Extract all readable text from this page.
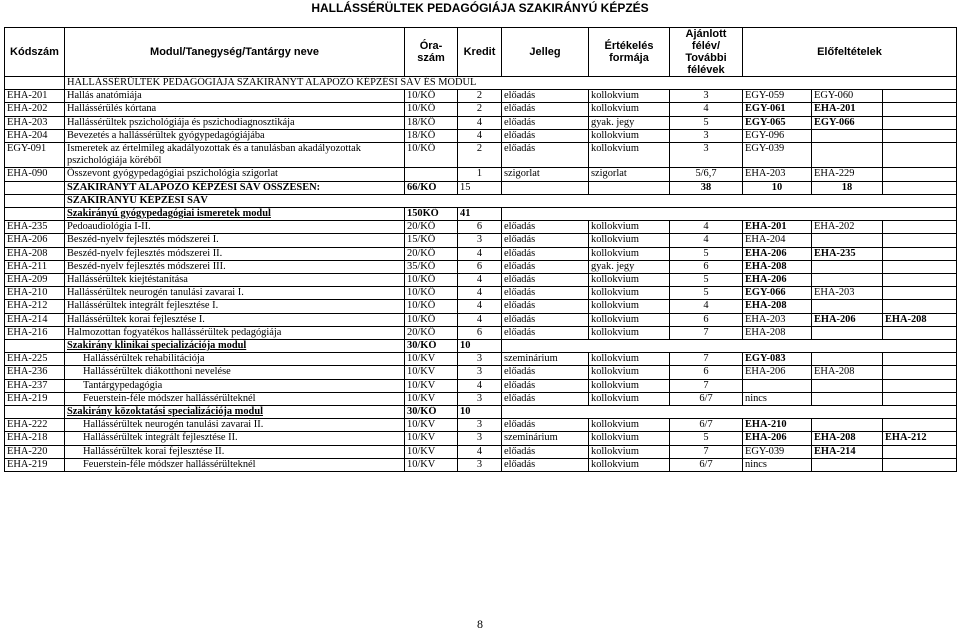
HALLÁSSÉRÜLTEK PEDAGÓGIÁJA SZAKIRÁNYÚ KÉPZÉS
Kódszám	Modul/Tanegység/Tantárgy neve	Óra-szám	Kredit	Jelleg	Értékelés formája	Ajánlott félév/ További félévek	Előfeltételek		
	HALLÁSSÉRÜLTEK PEDAGÓGIÁJA SZAKIRÁNYT ALAPOZÓ KÉPZÉSI SÁV ÉS MODUL								
EHA-201	Hallás anatómiája	10/KÖ	2	előadás	kollokvium	3	EGY-059	EGY-060	
EHA-202	Hallássérülés kórtana	10/KÖ	2	előadás	kollokvium	4	EGY-061	EHA-201	
EHA-203	Hallássérültek pszichológiája és pszichodiagnosztikája	18/KÖ	4	előadás	gyak. jegy	5	EGY-065	EGY-066	
EHA-204	Bevezetés a hallássérültek gyógypedagógiájába	18/KÖ	4	előadás	kollokvium	3	EGY-096		
EGY-091	Ismeretek az értelmileg akadályozottak és a tanulásban akadályozottak pszichológiája köréből	10/KÖ	2	előadás	kollokvium	3	EGY-039		
EHA-090	Összevont gyógypedagógiai pszichológia szigorlat		1	szigorlat	szigorlat	5/6,7	EHA-203	EHA-229	
	SZAKIRÁNYT ALAPOZÓ KÉPZÉSI SÁV ÖSSZESEN:	66/KÖ	15			38	10	18	
	SZAKIRÁNYÚ KÉPZÉSI SÁV								
	Szakirányú gyógypedagógiai ismeretek modul	150KÖ	41						
EHA-235	Pedoaudiológia I-II.	20/KÖ	6	előadás	kollokvium	4	EHA-201	EHA-202	
EHA-206	Beszéd-nyelv fejlesztés módszerei I.	15/KÖ	3	előadás	kollokvium	4	EHA-204		
EHA-208	Beszéd-nyelv fejlesztés módszerei II.	20/KÖ	4	előadás	kollokvium	5	EHA-206	EHA-235	
EHA-211	Beszéd-nyelv fejlesztés módszerei III.	35/KÖ	6	előadás	gyak. jegy	6	EHA-208		
EHA-209	Hallássérültek kiejtéstanítása	10/KÖ	4	előadás	kollokvium	5	EHA-206		
EHA-210	Hallássérültek neurogén tanulási zavarai I.	10/KÖ	4	előadás	kollokvium	5	EGY-066	EHA-203	
EHA-212	Hallássérültek integrált fejlesztése I.	10/KÖ	4	előadás	kollokvium	4	EHA-208		
EHA-214	Hallássérültek korai fejlesztése I.	10/KÖ	4	előadás	kollokvium	6	EHA-203	EHA-206	EHA-208
EHA-216	Halmozottan fogyatékos hallássérültek pedagógiája	20/KÖ	6	előadás	kollokvium	7	EHA-208		
	Szakirány klinikai specializációja modul	30/KÖ	10						
EHA-225	Hallássérültek rehabilitációja	10/KV	3	szeminárium	kollokvium	7	EGY-083		
EHA-236	Hallássérültek diákotthoni nevelése	10/KV	3	előadás	kollokvium	6	EHA-206	EHA-208	
EHA-237	Tantárgypedagógia	10/KV	4	előadás	kollokvium	7			
EHA-219	Feuerstein-féle módszer hallássérülteknél	10/KV	3	előadás	kollokvium	6/7	nincs		
	Szakirány közoktatási specializációja modul	30/KÖ	10						
EHA-222	Hallássérültek neurogén tanulási zavarai II.	10/KV	3	előadás	kollokvium	6/7	EHA-210		
EHA-218	Hallássérültek integrált fejlesztése II.	10/KV	3	szeminárium	kollokvium	5	EHA-206	EHA-208	EHA-212
EHA-220	Hallássérültek korai fejlesztése II.	10/KV	4	előadás	kollokvium	7	EGY-039	EHA-214	
EHA-219	Feuerstein-féle módszer hallássérülteknél	10/KV	3	előadás	kollokvium	6/7	nincs		
8
